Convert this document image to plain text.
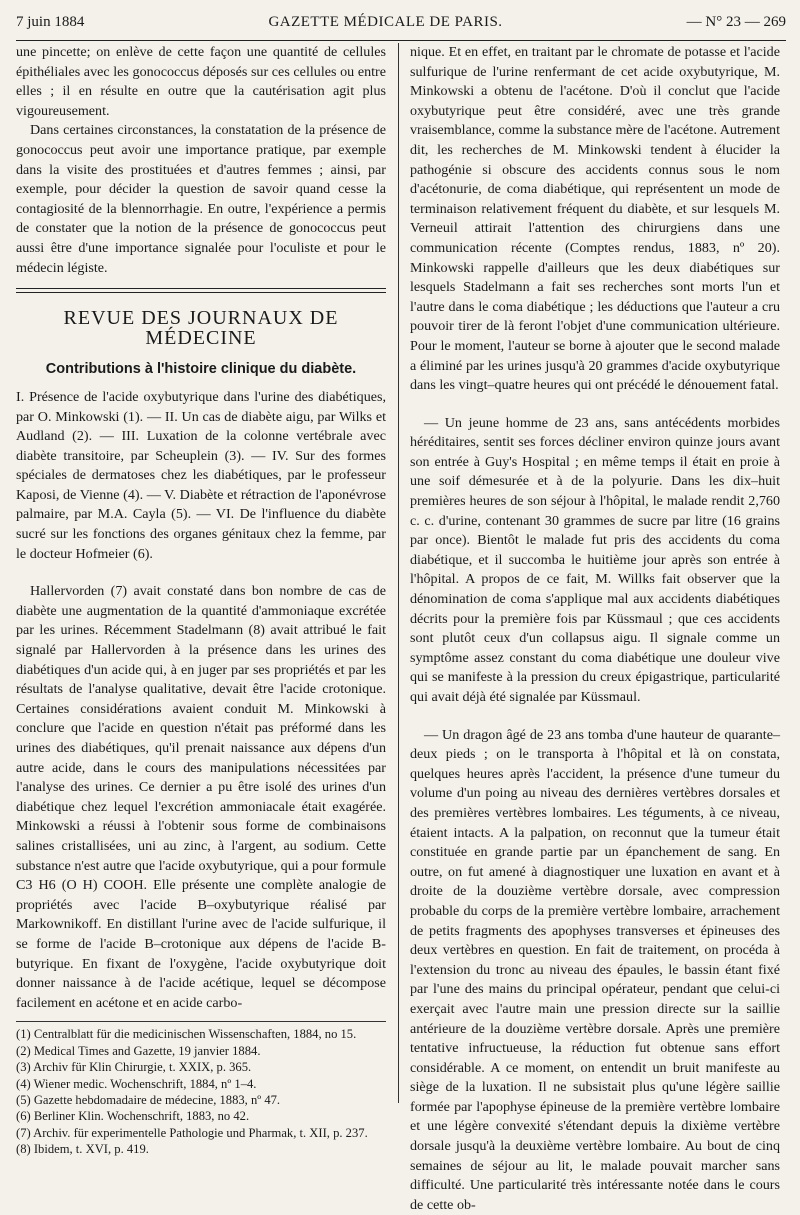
7 juin 1884	GAZETTE MÉDICALE DE PARIS.	— N° 23 — 269

une pincette; on enlève de cette façon une quantité de cellules épithéliales avec les gonococcus déposés sur ces cellules ou entre elles ; il en résulte en outre que la cautérisation agit plus vigoureusement.

Dans certaines circonstances, la constatation de la présence de gonococcus peut avoir une importance pratique, par exemple dans la visite des prostituées et d'autres femmes ; ainsi, par exemple, pour décider la question de savoir quand cesse la contagiosité de la blennorrhagie. En outre, l'expérience a permis de constater que la notion de la présence de gonococcus peut aussi être d'une importance signalée pour l'oculiste et pour le médecin légiste.

REVUE DES JOURNAUX DE MÉDECINE
Contributions à l'histoire clinique du diabète.

I. Présence de l'acide oxybutyrique dans l'urine des diabétiques, par O. Minkowski (1). — II. Un cas de diabète aigu, par Wilks et Audland (2). — III. Luxation de la colonne vertébrale avec diabète transitoire, par Scheuplein (3). — IV. Sur des formes spéciales de dermatoses chez les diabétiques, par le professeur Kaposi, de Vienne (4). — V. Diabète et rétraction de l'aponévrose palmaire, par M.A. Cayla (5). — VI. De l'influence du diabète sucré sur les fonctions des organes génitaux chez la femme, par le docteur Hofmeier (6).

Hallervorden (7) avait constaté dans bon nombre de cas de diabète une augmentation de la quantité d'ammoniaque excrétée par les urines. Récemment Stadelmann (8) avait attribué le fait signalé par Hallervorden à la présence dans les urines des diabétiques d'un acide qui, à en juger par ses propriétés et par les résultats de l'analyse qualitative, devait être l'acide crotonique. Certaines considérations avaient conduit M. Minkowski à conclure que l'acide en question n'était pas préformé dans les urines des diabétiques, qu'il prenait naissance aux dépens d'un autre acide, dans le cours des manipulations nécessitées par l'analyse des urines. Ce dernier a pu être isolé des urines d'un diabétique chez lequel l'excrétion ammoniacale était exagérée. Minkowski a réussi à l'obtenir sous forme de combinaisons salines cristallisées, uni au zinc, à l'argent, au sodium. Cette substance n'est autre que l'acide oxybutyrique, qui a pour formule C3 H6 (O H) COOH. Elle présente une complète analogie de propriétés avec l'acide B–oxybutyrique réalisé par Markownikoff. En distillant l'urine avec de l'acide sulfurique, il se forme de l'acide B–crotonique aux dépens de l'acide B-butyrique. En fixant de l'oxygène, l'acide oxybutyrique doit donner naissance à de l'acide acétique, lequel se décompose facilement en acétone et en acide carbo-

(1) Centralblatt für die medicinischen Wissenschaften, 1884, no 15.
(2) Medical Times and Gazette, 19 janvier 1884.
(3) Archiv für Klin Chirurgie, t. XXIX, p. 365.
(4) Wiener medic. Wochenschrift, 1884, nº 1–4.
(5) Gazette hebdomadaire de médecine, 1883, nº 47.
(6) Berliner Klin. Wochenschrift, 1883, no 42.
(7) Archiv. für experimentelle Pathologie und Pharmak, t. XII, p. 237.
(8) Ibidem, t. XVI, p. 419.

nique. Et en effet, en traitant par le chromate de potasse et l'acide sulfurique de l'urine renfermant de cet acide oxybutyrique, M. Minkowski a obtenu de l'acétone. D'où il conclut que l'acide oxybutyrique peut être considéré, avec une très grande vraisemblance, comme la substance mère de l'acétone. Autrement dit, les recherches de M. Minkowski tendent à élucider la pathogénie si obscure des accidents connus sous le nom d'acétonurie, de coma diabétique, qui représentent un mode de terminaison relativement fréquent du diabète, et sur lesquels M. Verneuil attirait l'attention des chirurgiens dans une communication récente (Comptes rendus, 1883, nº 20). Minkowski rappelle d'ailleurs que les deux diabétiques sur lesquels Stadelmann a fait ses recherches sont morts l'un et l'autre dans le coma diabétique ; les déductions que l'auteur a cru pouvoir tirer de là feront l'objet d'une communication ultérieure. Pour le moment, l'auteur se borne à ajouter que le second malade a éliminé par les urines jusqu'à 20 grammes d'acide oxybutyrique dans les vingt–quatre heures qui ont précédé le dénouement fatal.

— Un jeune homme de 23 ans, sans antécédents morbides héréditaires, sentit ses forces décliner environ quinze jours avant son entrée à Guy's Hospital ; en même temps il était en proie à une soif démesurée et à de la polyurie. Dans les dix–huit premières heures de son séjour à l'hôpital, le malade rendit 2,760 c. c. d'urine, contenant 30 grammes de sucre par litre (16 grains par once). Bientôt le malade fut pris des accidents du coma diabétique, et il succomba le huitième jour après son entrée à l'hôpital. A propos de ce fait, M. Willks fait observer que la dénomination de coma s'applique mal aux accidents diabétiques décrits pour la première fois par Küssmaul ; que ces accidents sont plutôt ceux d'un collapsus aigu. Il signale comme un symptôme assez constant du coma diabétique une douleur vive qui se manifeste à la pression du creux épigastrique, particularité qui avait déjà été signalée par Küssmaul.

— Un dragon âgé de 23 ans tomba d'une hauteur de quarante–deux pieds ; on le transporta à l'hôpital et là on constata, quelques heures après l'accident, la présence d'une tumeur du volume d'un poing au niveau des dernières vertèbres dorsales et des premières vertèbres lombaires. Les téguments, à ce niveau, étaient intacts. A la palpation, on reconnut que la tumeur était constituée en grande partie par un épanchement de sang. En outre, on fut amené à diagnostiquer une luxation en avant et à droite de la douzième vertèbre dorsale, avec compression probable du corps de la première vertèbre lombaire, arrachement de petits fragments des apophyses transverses et épineuses des deux vertèbres en question. En fait de traitement, on procéda à l'extension du tronc au niveau des épaules, le bassin étant fixé par l'une des mains du principal opérateur, pendant que celui-ci exerçait avec l'autre main une pression directe sur la saillie antérieure de la douzième vertèbre dorsale. Après une première tentative infructueuse, la réduction fut obtenue sans effort considérable. A ce moment, on entendit un bruit manifeste au siège de la luxation. Il ne subsistait plus qu'une légère saillie formée par l'apophyse épineuse de la première vertèbre lombaire et une légère convexité s'étendant depuis la dixième vertèbre dorsale jusqu'à la deuxième vertèbre lombaire. Au bout de cinq semaines de séjour au lit, le malade pouvait marcher sans difficulté. Une particularité très intéressante notée dans le cours de cette ob-
